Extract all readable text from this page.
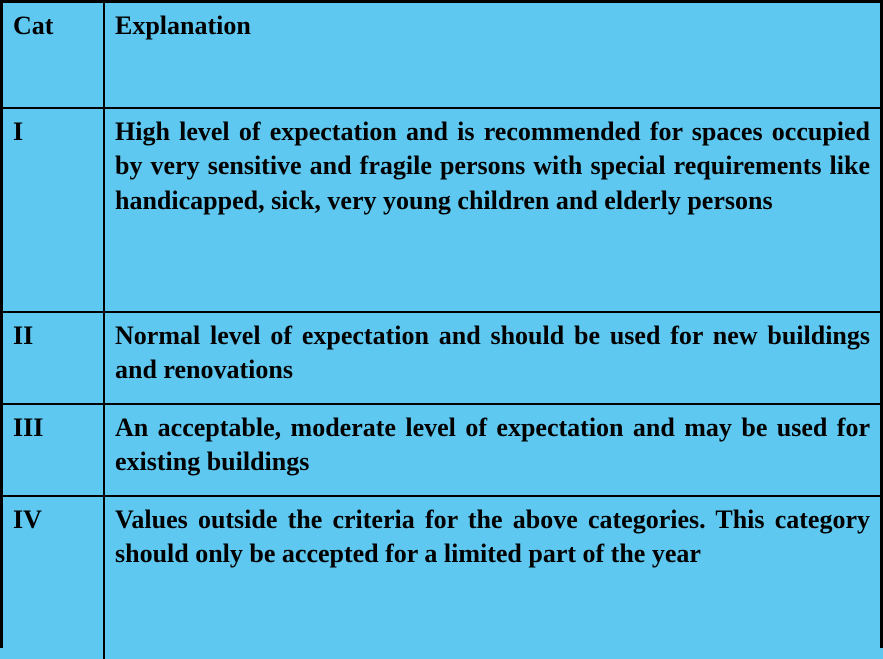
Cat	Explanation
I	High level of expectation and is recommended for spaces occupied by very sensitive and fragile persons with special requirements like handicapped, sick, very young children and elderly persons
II	Normal level of expectation and should be used for new buildings and renovations
III	An acceptable, moderate level of expectation and may be used for existing buildings
IV	Values outside the criteria for the above categories. This category should only be accepted for a limited part of the year
